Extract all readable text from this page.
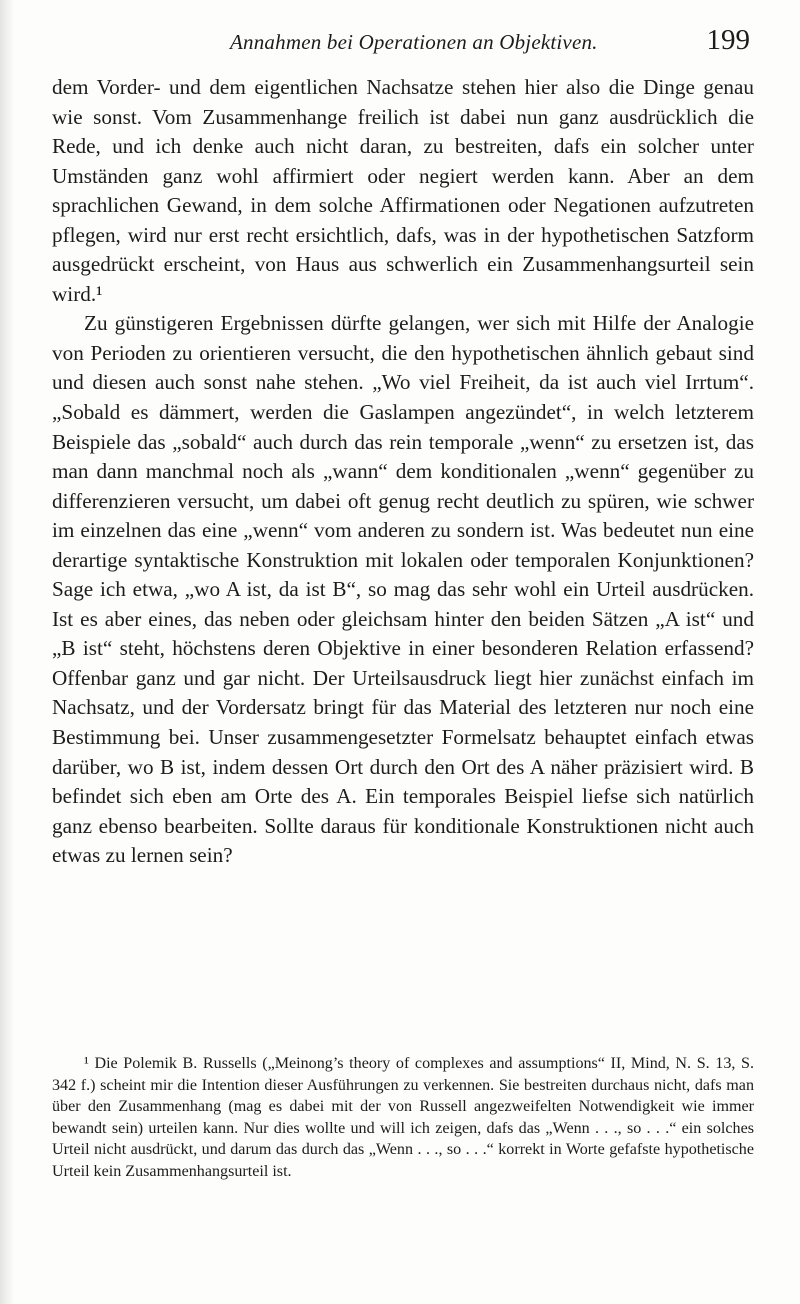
Annahmen bei Operationen an Objektiven.	199

dem Vorder- und dem eigentlichen Nachsatze stehen hier also die Dinge genau wie sonst. Vom Zusammenhange freilich ist dabei nun ganz ausdrücklich die Rede, und ich denke auch nicht daran, zu bestreiten, dafs ein solcher unter Umständen ganz wohl affirmiert oder negiert werden kann. Aber an dem sprachlichen Gewand, in dem solche Affirmationen oder Negationen aufzutreten pflegen, wird nur erst recht ersichtlich, dafs, was in der hypothetischen Satzform ausgedrückt erscheint, von Haus aus schwerlich ein Zusammenhangsurteil sein wird.¹

Zu günstigeren Ergebnissen dürfte gelangen, wer sich mit Hilfe der Analogie von Perioden zu orientieren versucht, die den hypothetischen ähnlich gebaut sind und diesen auch sonst nahe stehen. „Wo viel Freiheit, da ist auch viel Irrtum“. „Sobald es dämmert, werden die Gaslampen angezündet“, in welch letzterem Beispiele das „sobald“ auch durch das rein temporale „wenn“ zu ersetzen ist, das man dann manchmal noch als „wann“ dem konditionalen „wenn“ gegenüber zu differenzieren versucht, um dabei oft genug recht deutlich zu spüren, wie schwer im einzelnen das eine „wenn“ vom anderen zu sondern ist. Was bedeutet nun eine derartige syntaktische Konstruktion mit lokalen oder temporalen Konjunktionen? Sage ich etwa, „wo A ist, da ist B“, so mag das sehr wohl ein Urteil ausdrücken. Ist es aber eines, das neben oder gleichsam hinter den beiden Sätzen „A ist“ und „B ist“ steht, höchstens deren Objektive in einer besonderen Relation erfassend? Offenbar ganz und gar nicht. Der Urteilsausdruck liegt hier zunächst einfach im Nachsatz, und der Vordersatz bringt für das Material des letzteren nur noch eine Bestimmung bei. Unser zusammengesetzter Formelsatz behauptet einfach etwas darüber, wo B ist, indem dessen Ort durch den Ort des A näher präzisiert wird. B befindet sich eben am Orte des A. Ein temporales Beispiel liefse sich natürlich ganz ebenso bearbeiten. Sollte daraus für konditionale Konstruktionen nicht auch etwas zu lernen sein?

¹ Die Polemik B. Russells („Meinong’s theory of complexes and assumptions“ II, Mind, N. S. 13, S. 342 f.) scheint mir die Intention dieser Ausführungen zu verkennen. Sie bestreiten durchaus nicht, dafs man über den Zusammenhang (mag es dabei mit der von Russell angezweifelten Notwendigkeit wie immer bewandt sein) urteilen kann. Nur dies wollte und will ich zeigen, dafs das „Wenn . . ., so . . .“ ein solches Urteil nicht ausdrückt, und darum das durch das „Wenn . . ., so . . .“ korrekt in Worte gefafste hypothetische Urteil kein Zusammenhangsurteil ist.
